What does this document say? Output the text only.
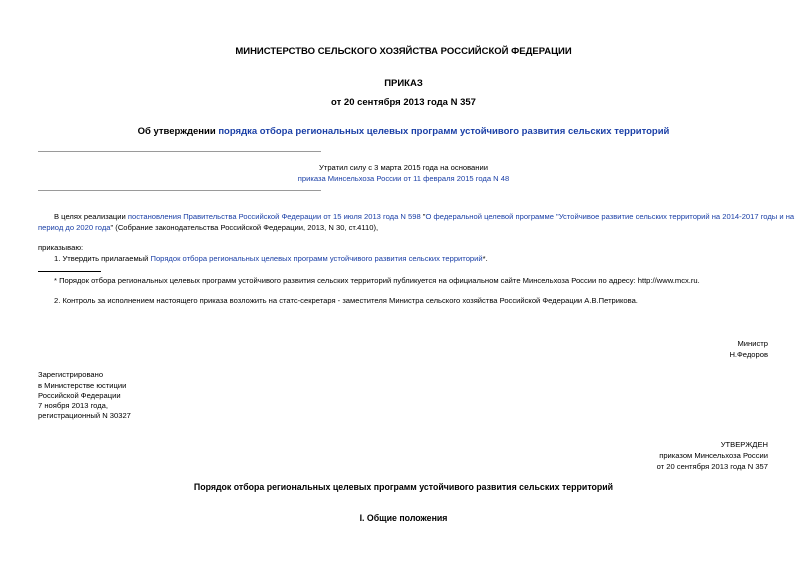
МИНИСТЕРСТВО СЕЛЬСКОГО ХОЗЯЙСТВА РОССИЙСКОЙ ФЕДЕРАЦИИ
ПРИКАЗ
от 20 сентября 2013 года N 357
Об утверждении порядка отбора региональных целевых программ устойчивого развития сельских территорий
Утратил силу с 3 марта 2015 года на основании
приказа Минсельхоза России от 11 февраля 2015 года N 48
В целях реализации постановления Правительства Российской Федерации от 15 июля 2013 года N 598 "О федеральной целевой программе "Устойчивое развитие сельских территорий на 2014-2017 годы и на
период до 2020 года" (Собрание законодательства Российской Федерации, 2013, N 30, ст.4110),
приказываю:
1. Утвердить прилагаемый Порядок отбора региональных целевых программ устойчивого развития сельских территорий*.
* Порядок отбора региональных целевых программ устойчивого развития сельских территорий публикуется на официальном сайте Минсельхоза России по адресу: http://www.mcx.ru.
2. Контроль за исполнением настоящего приказа возложить на статс-секретаря - заместителя Министра сельского хозяйства Российской Федерации А.В.Петрикова.
Министр
Н.Федоров
Зарегистрировано
в Министерстве юстиции
Российской Федерации
7 ноября 2013 года,
регистрационный N 30327
УТВЕРЖДЕН
приказом Минсельхоза России
от 20 сентября 2013 года N 357
Порядок отбора региональных целевых программ устойчивого развития сельских территорий
I. Общие положения
